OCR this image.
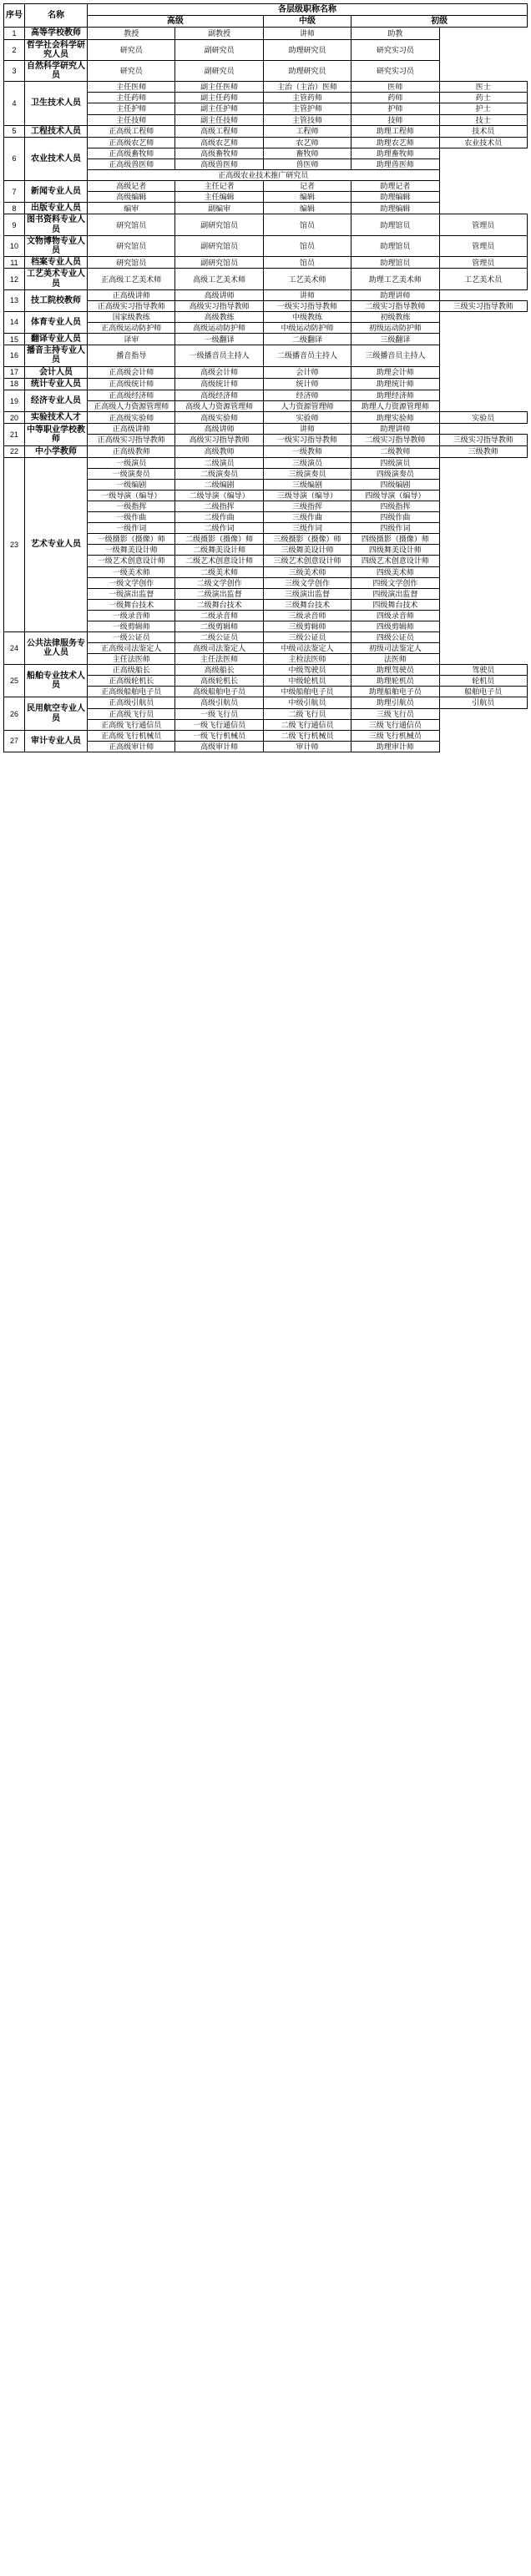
序号	名称	各层级职称名称				
		高级		中级	初级	
1	高等学校教师	教授	副教授	讲师	助教	
2	哲学社会科学研究人员	研究员	副研究员	助理研究员	研究实习员	
3	自然科学研究人员	研究员	副研究员	助理研究员	研究实习员	
4	卫生技术人员	主任医师	副主任医师	主治（主治）医师	医师	医士
		主任药师	副主任药师	主管药师	药师	药士
		主任护师	副主任护师	主管护师	护师	护士
		主任技师	副主任技师	主管技师	技师	技士
5	工程技术人员	正高级工程师	高级工程师	工程师	助理工程师	技术员
6	农业技术人员	正高级农艺师	高级农艺师	农艺师	助理农艺师	农业技术员
		正高级畜牧师	高级畜牧师	畜牧师	助理畜牧师	
		正高级兽医师	高级兽医师	兽医师	助理兽医师	
		正高级农业技术推广研究员				
7	新闻专业人员	高级记者	主任记者	记者	助理记者	
		高级编辑	主任编辑	编辑	助理编辑	
8	出版专业人员	编审	副编审	编辑	助理编辑	
9	图书资料专业人员	研究馆员	副研究馆员	馆员	助理馆员	管理员
10	文物博物专业人员	研究馆员	副研究馆员	馆员	助理馆员	管理员
11	档案专业人员	研究馆员	副研究馆员	馆员	助理馆员	管理员
12	工艺美术专业人员	正高级工艺美术师	高级工艺美术师	工艺美术师	助理工艺美术师	工艺美术员
13	技工院校教师	正高级讲师	高级讲师	讲师	助理讲师	
		正高级实习指导教师	高级实习指导教师	一级实习指导教师	二级实习指导教师	三级实习指导教师
14	体育专业人员	国家级教练	高级教练	中级教练	初级教练	
		正高级运动防护师	高级运动防护师	中级运动防护师	初级运动防护师	
15	翻译专业人员	译审	一级翻译	二级翻译	三级翻译	
16	播音主持专业人员	播音指导	一级播音员主持人	二级播音员主持人	三级播音员主持人	
17	会计人员	正高级会计师	高级会计师	会计师	助理会计师	
18	统计专业人员	正高级统计师	高级统计师	统计师	助理统计师	
19	经济专业人员	正高级经济师	高级经济师	经济师	助理经济师	
		正高级人力资源管理师	高级人力资源管理师	人力资源管理师	助理人力资源管理师	
20	实验技术人才	正高级实验师	高级实验师	实验师	助理实验师	实验员
21	中等职业学校教师	正高级讲师	高级讲师	讲师	助理讲师	
		正高级实习指导教师	高级实习指导教师	一级实习指导教师	二级实习指导教师	三级实习指导教师
22	中小学教师	正高级教师	高级教师	一级教师	二级教师	三级教师
23	艺术专业人员	一级演员	二级演员	三级演员	四级演员	
		一级演奏员	二级演奏员	三级演奏员	四级演奏员	
		一级编剧	二级编剧	三级编剧	四级编剧	
		一级导演（编导）	二级导演（编导）	三级导演（编导）	四级导演（编导）	
		一级指挥	二级指挥	三级指挥	四级指挥	
		一级作曲	二级作曲	三级作曲	四级作曲	
		一级作词	二级作词	三级作词	四级作词	
		一级摄影（摄像）师	二级摄影（摄像）师	三级摄影（摄像）师	四级摄影（摄像）师	
		一级舞美设计师	二级舞美设计师	三级舞美设计师	四级舞美设计师	
		一级艺术创意设计师	二级艺术创意设计师	三级艺术创意设计师	四级艺术创意设计师	
		一级美术师	二级美术师	三级美术师	四级美术师	
		一级文学创作	二级文学创作	三级文学创作	四级文学创作	
		一级演出监督	二级演出监督	三级演出监督	四级演出监督	
		一级舞台技术	二级舞台技术	三级舞台技术	四级舞台技术	
		一级录音师	二级录音师	三级录音师	四级录音师	
		一级剪辑师	二级剪辑师	三级剪辑师	四级剪辑师	
24	公共法律服务专业人员	一级公证员	二级公证员	三级公证员	四级公证员	
		正高级司法鉴定人	高级司法鉴定人	中级司法鉴定人	初级司法鉴定人	
		主任法医师	主任法医师	主检法医师	法医师	
25	船舶专业技术人员	正高级船长	高级船长	中级驾驶员	助理驾驶员	驾驶员
		正高级轮机长	高级轮机长	中级轮机员	助理轮机员	轮机员
		正高级船舶电子员	高级船舶电子员	中级船舶电子员	助理船舶电子员	船舶电子员
26	民用航空专业人员	正高级引航员	高级引航员	中级引航员	助理引航员	引航员
		正高级飞行员	一级飞行员	二级飞行员	三级飞行员	
		正高级飞行通信员	一级飞行通信员	二级飞行通信员	三级飞行通信员	
27	审计专业人员	正高级飞行机械员	一级飞行机械员	二级飞行机械员	三级飞行机械员	
		正高级审计师	高级审计师	审计师	助理审计师	
